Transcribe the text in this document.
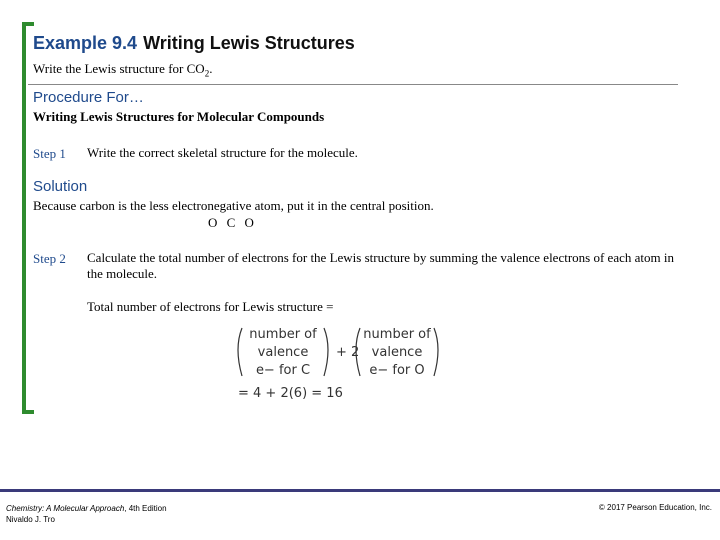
Example 9.4 Writing Lewis Structures
Write the Lewis structure for $CO_2$.
Procedure For…
Writing Lewis Structures for Molecular Compounds
Step 1 Write the correct skeletal structure for the molecule.
Solution
Because carbon is the less electronegative atom, put it in the central position.
O C O
Step 2 Calculate the total number of electrons for the Lewis structure by summing the valence electrons of each atom in the molecule.
Total number of electrons for Lewis structure =
number of
valence
e− for C
+ 2
number of
valence
e− for O
= 4 + 2(6) = 16
Chemistry: A Molecular Approach, 4th Edition
Nivaldo J. Tro
© 2017 Pearson Education, Inc.
